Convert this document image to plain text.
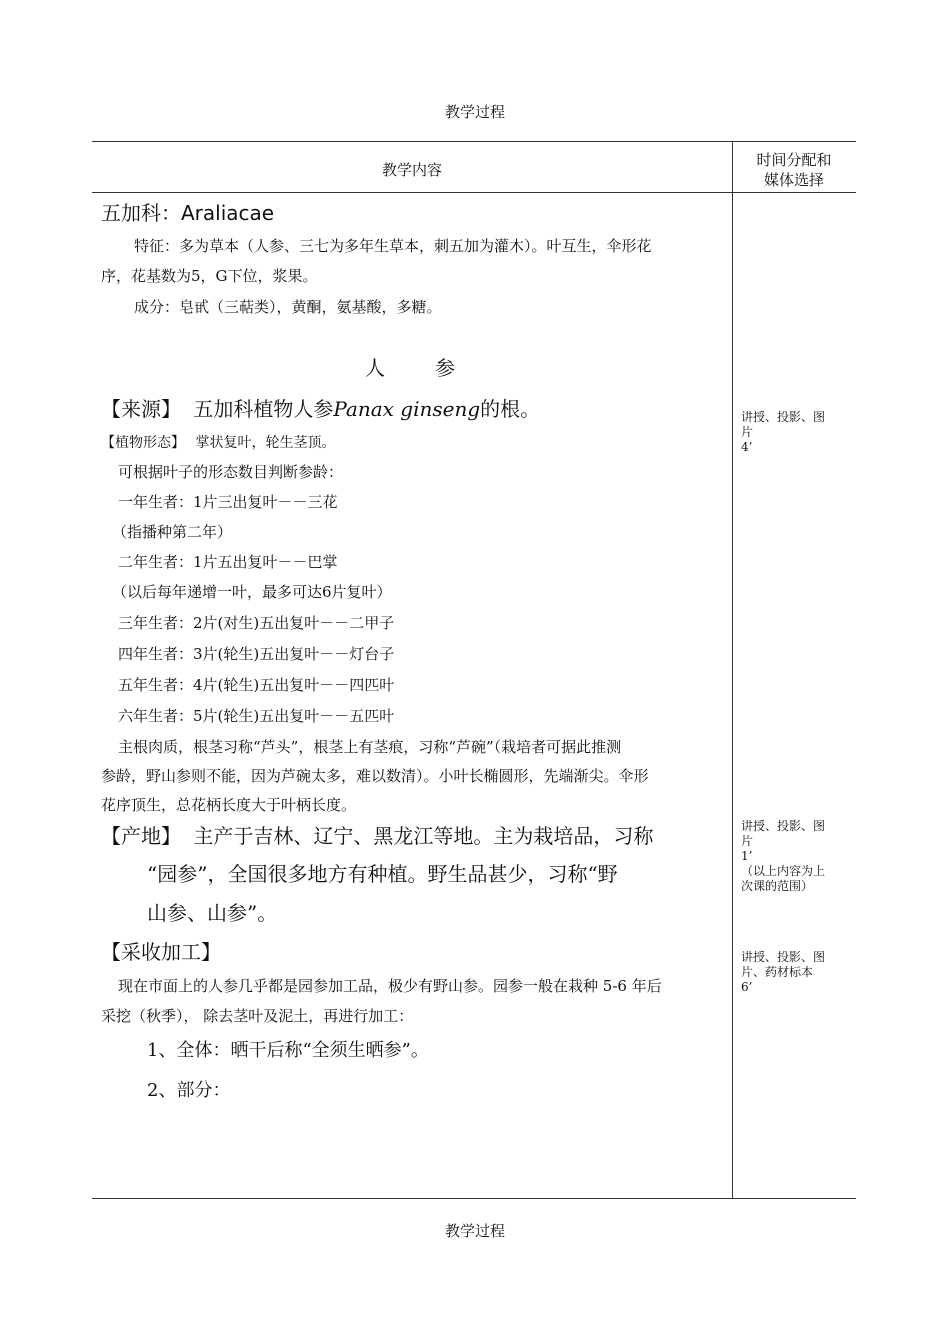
教学过程
教学内容
时间分配和
媒体选择
五加科：Araliacae
特征：多为草本（人参、三七为多年生草本，刺五加为灌木）。叶互生，伞形花
序，花基数为5，G下位，浆果。
成分：皂甙（三萜类），黄酮，氨基酸，多糖。
人	参
【来源】 五加科植物人参Panax ginseng的根。
【植物形态】 掌状复叶，轮生茎顶。
可根据叶子的形态数目判断参龄：
一年生者：1片三出复叶－－三花
（指播种第二年）
二年生者：1片五出复叶－－巴掌
（以后每年递增一叶，最多可达6片复叶）
三年生者：2片(对生)五出复叶－－二甲子
四年生者：3片(轮生)五出复叶－－灯台子
五年生者：4片(轮生)五出复叶－－四匹叶
六年生者：5片(轮生)五出复叶－－五匹叶
主根肉质，根茎习称“芦头”，根茎上有茎痕，习称“芦碗”（栽培者可据此推测
参龄，野山参则不能，因为芦碗太多，难以数清）。小叶长椭圆形，先端渐尖。伞形
花序顶生，总花柄长度大于叶柄长度。
【产地】 主产于吉林、辽宁、黑龙江等地。主为栽培品，习称
“园参”，全国很多地方有种植。野生品甚少，习称“野
山参、山参”。
【采收加工】
现在市面上的人参几乎都是园参加工品，极少有野山参。园参一般在栽种 5-6 年后
采挖（秋季）， 除去茎叶及泥土，再进行加工：
1、全体：晒干后称“全须生晒参”。
2、部分：
讲授、投影、图
片
4’
讲授、投影、图
片
1’
（以上内容为上
次课的范围）
讲授、投影、图
片、药材标本
6’
教学过程
